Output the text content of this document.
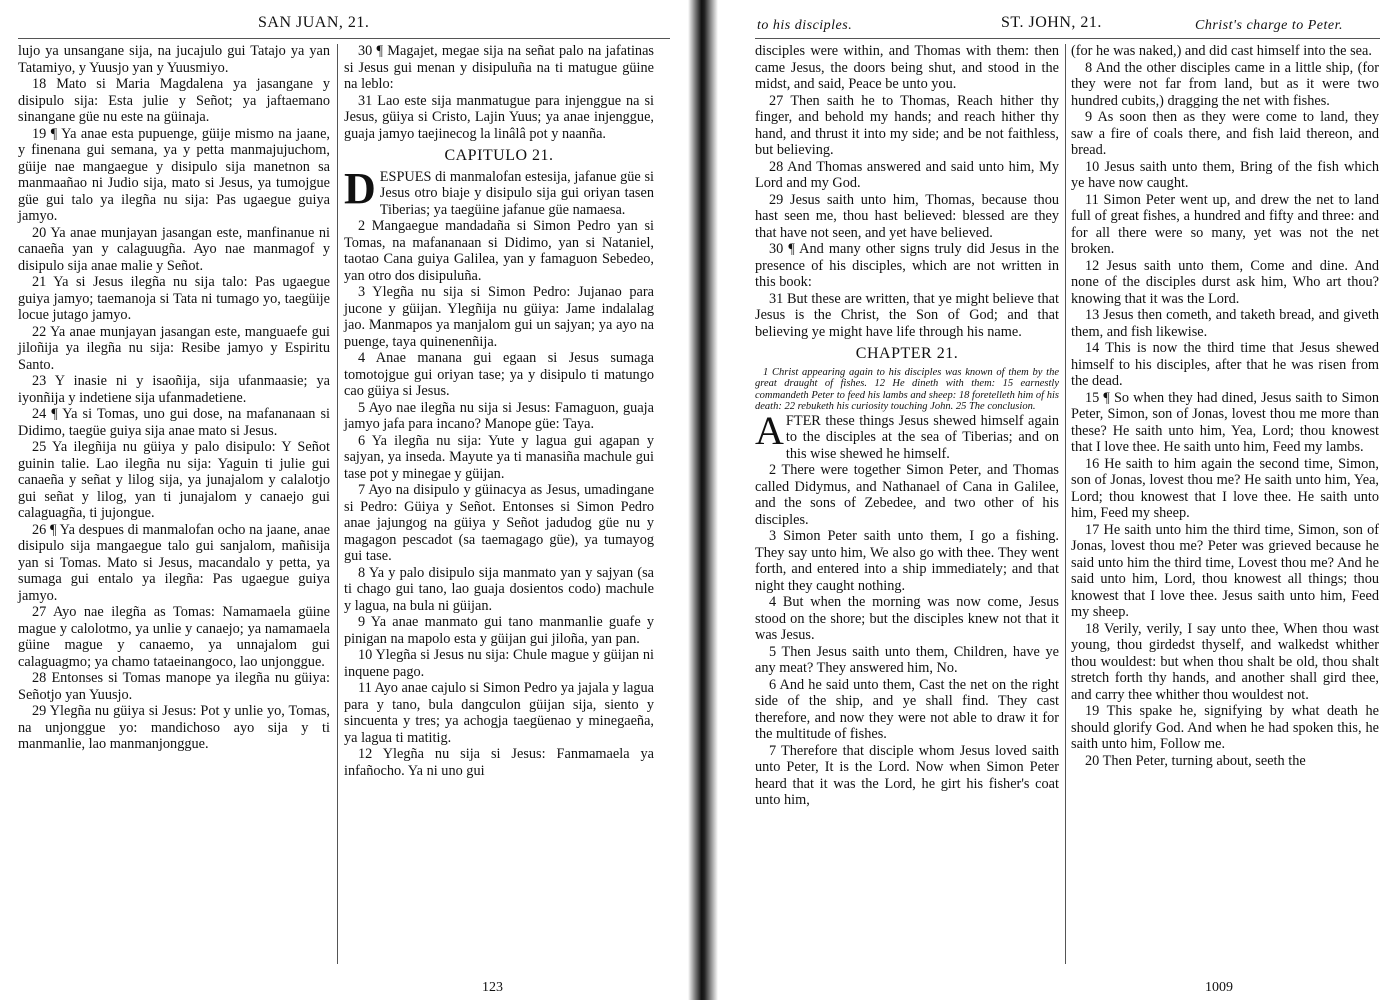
SAN JUAN, 21.

lujo ya unsangane sija, na jucajulo gui Tatajo ya yan Tatamiyo, y Yuusjo yan y Yuusmiyo.

18 Mato si Maria Magdalena ya jasangane y disipulo sija: Esta julie y Señot; ya jaftaemano sinangane güe nu este na güinaja.

19 ¶ Ya anae esta pupuenge, güije mismo na jaane, y finenana gui semana, ya y petta manmajujuchom, güije nae mangaegue y disipulo sija manetnon sa manmaañao ni Judio sija, mato si Jesus, ya tumojgue güe gui talo ya ilegña nu sija: Pas ugaegue guiya jamyo.

20 Ya anae munjayan jasangan este, manfinanue ni canaeña yan y calaguugña. Ayo nae manmagof y disipulo sija anae malie y Señot.

21 Ya si Jesus ilegña nu sija talo: Pas ugaegue guiya jamyo; taemanoja si Tata ni tumago yo, taegüije locue jutago jamyo.

22 Ya anae munjayan jasangan este, manguaefe gui jiloñija ya ilegña nu sija: Resibe jamyo y Espiritu Santo.

23 Y inasie ni y isaoñija, sija ufanmaasie; ya iyonñija y indetiene sija ufanmadetiene.

24 ¶ Ya si Tomas, uno gui dose, na mafananaan si Didimo, taegüe guiya sija anae mato si Jesus.

25 Ya ilegñija nu güiya y palo disipulo: Y Señot guinin talie. Lao ilegña nu sija: Yaguin ti julie gui canaeña y señat y lilog sija, ya junajalom y calalotjo gui señat y lilog, yan ti junajalom y canaejo gui calaguagña, ti jujongue.

26 ¶ Ya despues di manmalofan ocho na jaane, anae disipulo sija mangaegue talo gui sanjalom, mañisija yan si Tomas. Mato si Jesus, macandalo y petta, ya sumaga gui entalo ya ilegña: Pas ugaegue guiya jamyo.

27 Ayo nae ilegña as Tomas: Namamaela güine mague y calolotmo, ya unlie y canaejo; ya namamaela güine mague y canaemo, ya unnajalom gui calaguagmo; ya chamo tataeinangoco, lao unjonggue.

28 Entonses si Tomas manope ya ilegña nu güiya: Señotjo yan Yuusjo.

29 Ylegña nu güiya si Jesus: Pot y unlie yo, Tomas, na unjonggue yo: mandichoso ayo sija y ti manmanlie, lao manmanjonggue.

30 ¶ Magajet, megae sija na señat palo na jafatinas si Jesus gui menan y disipuluña na ti matugue güine na leblo:

31 Lao este sija manmatugue para injenggue na si Jesus, güiya si Cristo, Lajin Yuus; ya anae injenggue, guaja jamyo taejinecog la linâlâ pot y naanña.

CAPITULO 21.

DESPUES di manmalofan estesija, jafanue güe si Jesus otro biaje y disipulo sija gui oriyan tasen Tiberias; ya taegüine jafanue güe namaesa.

2 Mangaegue mandadaña si Simon Pedro yan si Tomas, na mafananaan si Didimo, yan si Nataniel, taotao Cana guiya Galilea, yan y famaguon Sebedeo, yan otro dos disipuluña.

3 Ylegña nu sija si Simon Pedro: Jujanao para jucone y güijan. Ylegñija nu güiya: Jame indalalag jao. Manmapos ya manjalom gui un sajyan; ya ayo na puenge, taya quinenenñija.

4 Anae manana gui egaan si Jesus sumaga tomotojgue gui oriyan tase; ya y disipulo ti matungo cao güiya si Jesus.

5 Ayo nae ilegña nu sija si Jesus: Famaguon, guaja jamyo jafa para incano? Manope güe: Taya.

6 Ya ilegña nu sija: Yute y lagua gui agapan y sajyan, ya inseda. Mayute ya ti manasiña machule gui tase pot y minegae y güijan.

7 Ayo na disipulo y güinacya as Jesus, umadingane si Pedro: Güiya y Señot. Entonses si Simon Pedro anae jajungog na güiya y Señot jadudog güe nu y magagon pescadot (sa taemagago güe), ya tumayog gui tase.

8 Ya y palo disipulo sija manmato yan y sajyan (sa ti chago gui tano, lao guaja dosientos codo) machule y lagua, na bula ni güijan.

9 Ya anae manmato gui tano manmanlie guafe y pinigan na mapolo esta y güijan gui jiloña, yan pan.

10 Ylegña si Jesus nu sija: Chule mague y güijan ni inquene pago.

11 Ayo anae cajulo si Simon Pedro ya jajala y lagua para y tano, bula dangculon güijan sija, siento y sincuenta y tres; ya achogja taegüenao y minegaeña, ya lagua ti matitig.

12 Ylegña nu sija si Jesus: Fanmamaela ya infañocho. Ya ni uno gui

123
to his disciples.	ST. JOHN, 21.	Christ's charge to Peter.

disciples were within, and Thomas with them: then came Jesus, the doors being shut, and stood in the midst, and said, Peace be unto you.

27 Then saith he to Thomas, Reach hither thy finger, and behold my hands; and reach hither thy hand, and thrust it into my side; and be not faithless, but believing.

28 And Thomas answered and said unto him, My Lord and my God.

29 Jesus saith unto him, Thomas, because thou hast seen me, thou hast believed: blessed are they that have not seen, and yet have believed.

30 ¶ And many other signs truly did Jesus in the presence of his disciples, which are not written in this book:

31 But these are written, that ye might believe that Jesus is the Christ, the Son of God; and that believing ye might have life through his name.

CHAPTER 21.

1 Christ appearing again to his disciples was known of them by the great draught of fishes. 12 He dineth with them: 15 earnestly commandeth Peter to feed his lambs and sheep: 18 foretelleth him of his death: 22 rebuketh his curiosity touching John. 25 The conclusion.

AFTER these things Jesus shewed himself again to the disciples at the sea of Tiberias; and on this wise shewed he himself.

2 There were together Simon Peter, and Thomas called Didymus, and Nathanael of Cana in Galilee, and the sons of Zebedee, and two other of his disciples.

3 Simon Peter saith unto them, I go a fishing. They say unto him, We also go with thee. They went forth, and entered into a ship immediately; and that night they caught nothing.

4 But when the morning was now come, Jesus stood on the shore; but the disciples knew not that it was Jesus.

5 Then Jesus saith unto them, Children, have ye any meat? They answered him, No.

6 And he said unto them, Cast the net on the right side of the ship, and ye shall find. They cast therefore, and now they were not able to draw it for the multitude of fishes.

7 Therefore that disciple whom Jesus loved saith unto Peter, It is the Lord. Now when Simon Peter heard that it was the Lord, he girt his fisher's coat unto him,

(for he was naked,) and did cast himself into the sea.

8 And the other disciples came in a little ship, (for they were not far from land, but as it were two hundred cubits,) dragging the net with fishes.

9 As soon then as they were come to land, they saw a fire of coals there, and fish laid thereon, and bread.

10 Jesus saith unto them, Bring of the fish which ye have now caught.

11 Simon Peter went up, and drew the net to land full of great fishes, a hundred and fifty and three: and for all there were so many, yet was not the net broken.

12 Jesus saith unto them, Come and dine. And none of the disciples durst ask him, Who art thou? knowing that it was the Lord.

13 Jesus then cometh, and taketh bread, and giveth them, and fish likewise.

14 This is now the third time that Jesus shewed himself to his disciples, after that he was risen from the dead.

15 ¶ So when they had dined, Jesus saith to Simon Peter, Simon, son of Jonas, lovest thou me more than these? He saith unto him, Yea, Lord; thou knowest that I love thee. He saith unto him, Feed my lambs.

16 He saith to him again the second time, Simon, son of Jonas, lovest thou me? He saith unto him, Yea, Lord; thou knowest that I love thee. He saith unto him, Feed my sheep.

17 He saith unto him the third time, Simon, son of Jonas, lovest thou me? Peter was grieved because he said unto him the third time, Lovest thou me? And he said unto him, Lord, thou knowest all things; thou knowest that I love thee. Jesus saith unto him, Feed my sheep.

18 Verily, verily, I say unto thee, When thou wast young, thou girdedst thyself, and walkedst whither thou wouldest: but when thou shalt be old, thou shalt stretch forth thy hands, and another shall gird thee, and carry thee whither thou wouldest not.

19 This spake he, signifying by what death he should glorify God. And when he had spoken this, he saith unto him, Follow me.

20 Then Peter, turning about, seeth the

1009
